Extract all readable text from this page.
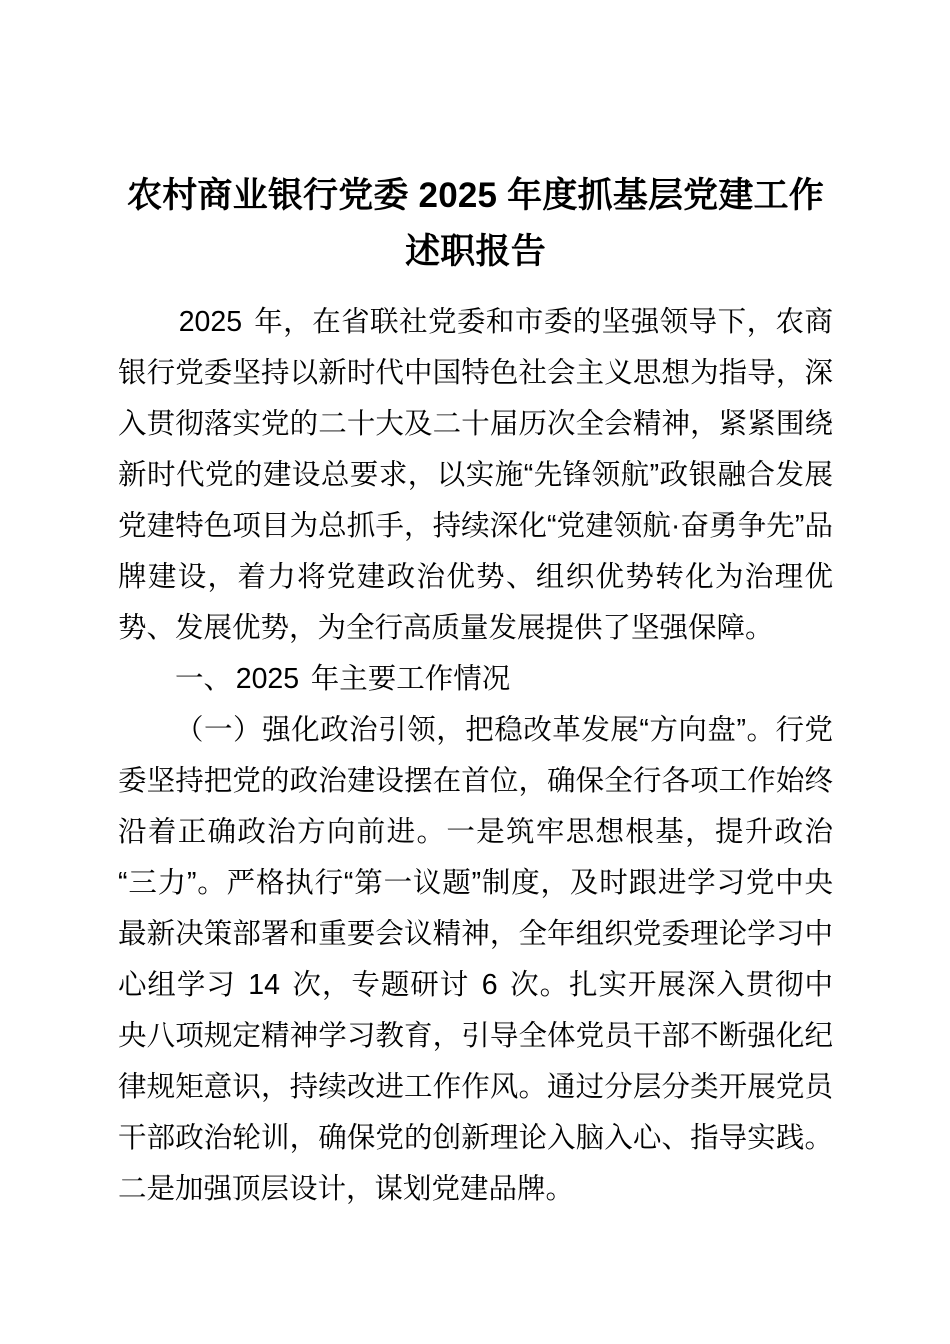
农村商业银行党委 2025 年度抓基层党建工作
述职报告

2025 年，在省联社党委和市委的坚强领导下，农商银行党委坚持以新时代中国特色社会主义思想为指导，深入贯彻落实党的二十大及二十届历次全会精神，紧紧围绕新时代党的建设总要求，以实施“先锋领航”政银融合发展党建特色项目为总抓手，持续深化“党建领航·奋勇争先”品牌建设，着力将党建政治优势、组织优势转化为治理优势、发展优势，为全行高质量发展提供了坚强保障。

一、 2025 年主要工作情况

（一）强化政治引领，把稳改革发展“方向盘”。行党委坚持把党的政治建设摆在首位，确保全行各项工作始终沿着正确政治方向前进。一是筑牢思想根基，提升政治“三力”。严格执行“第一议题”制度，及时跟进学习党中央最新决策部署和重要会议精神，全年组织党委理论学习中心组学习 14 次，专题研讨 6 次。扎实开展深入贯彻中央八项规定精神学习教育，引导全体党员干部不断强化纪律规矩意识，持续改进工作作风。通过分层分类开展党员干部政治轮训，确保党的创新理论入脑入心、指导实践。二是加强顶层设计，谋划党建品牌。
